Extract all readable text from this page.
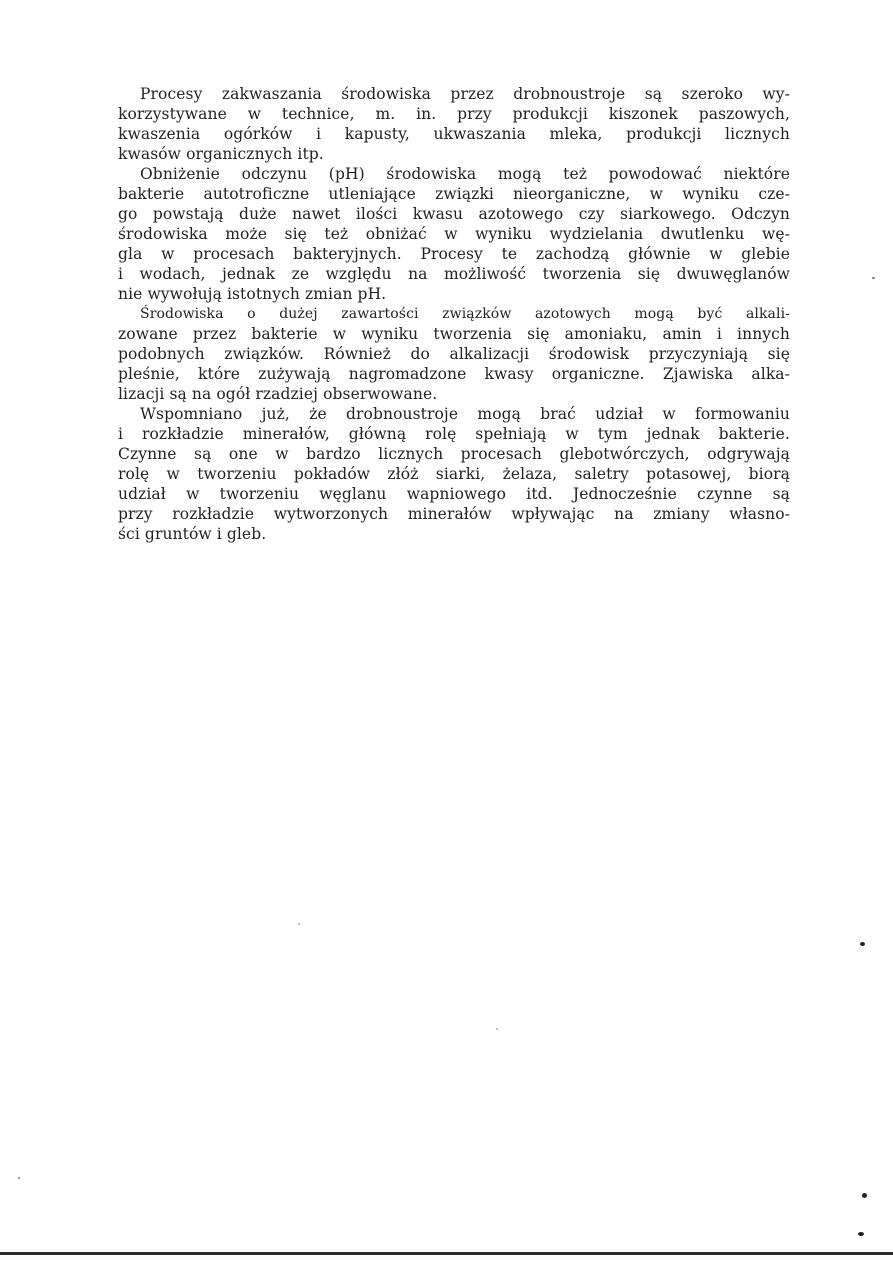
Procesy zakwaszania środowiska przez drobnoustroje są szeroko wy-
korzystywane w technice, m. in. przy produkcji kiszonek paszowych,
kwaszenia ogórków i kapusty, ukwaszania mleka, produkcji licznych
kwasów organicznych itp.

Obniżenie odczynu (pH) środowiska mogą też powodować niektóre
bakterie autotroficzne utleniające związki nieorganiczne, w wyniku cze-
go powstają duże nawet ilości kwasu azotowego czy siarkowego. Odczyn
środowiska może się też obniżać w wyniku wydzielania dwutlenku wę-
gla w procesach bakteryjnych. Procesy te zachodzą głównie w glebie
i wodach, jednak ze względu na możliwość tworzenia się dwuwęglanów
nie wywołują istotnych zmian pH.

Środowiska o dużej zawartości związków azotowych mogą być alkali-
zowane przez bakterie w wyniku tworzenia się amoniaku, amin i innych
podobnych związków. Również do alkalizacji środowisk przyczyniają się
pleśnie, które zużywają nagromadzone kwasy organiczne. Zjawiska alka-
lizacji są na ogół rzadziej obserwowane.

Wspomniano już, że drobnoustroje mogą brać udział w formowaniu
i rozkładzie minerałów, główną rolę spełniają w tym jednak bakterie.
Czynne są one w bardzo licznych procesach glebotwórczych, odgrywają
rolę w tworzeniu pokładów złóż siarki, żelaza, saletry potasowej, biorą
udział w tworzeniu węglanu wapniowego itd. Jednocześnie czynne są
przy rozkładzie wytworzonych minerałów wpływając na zmiany własno-
ści gruntów i gleb.
